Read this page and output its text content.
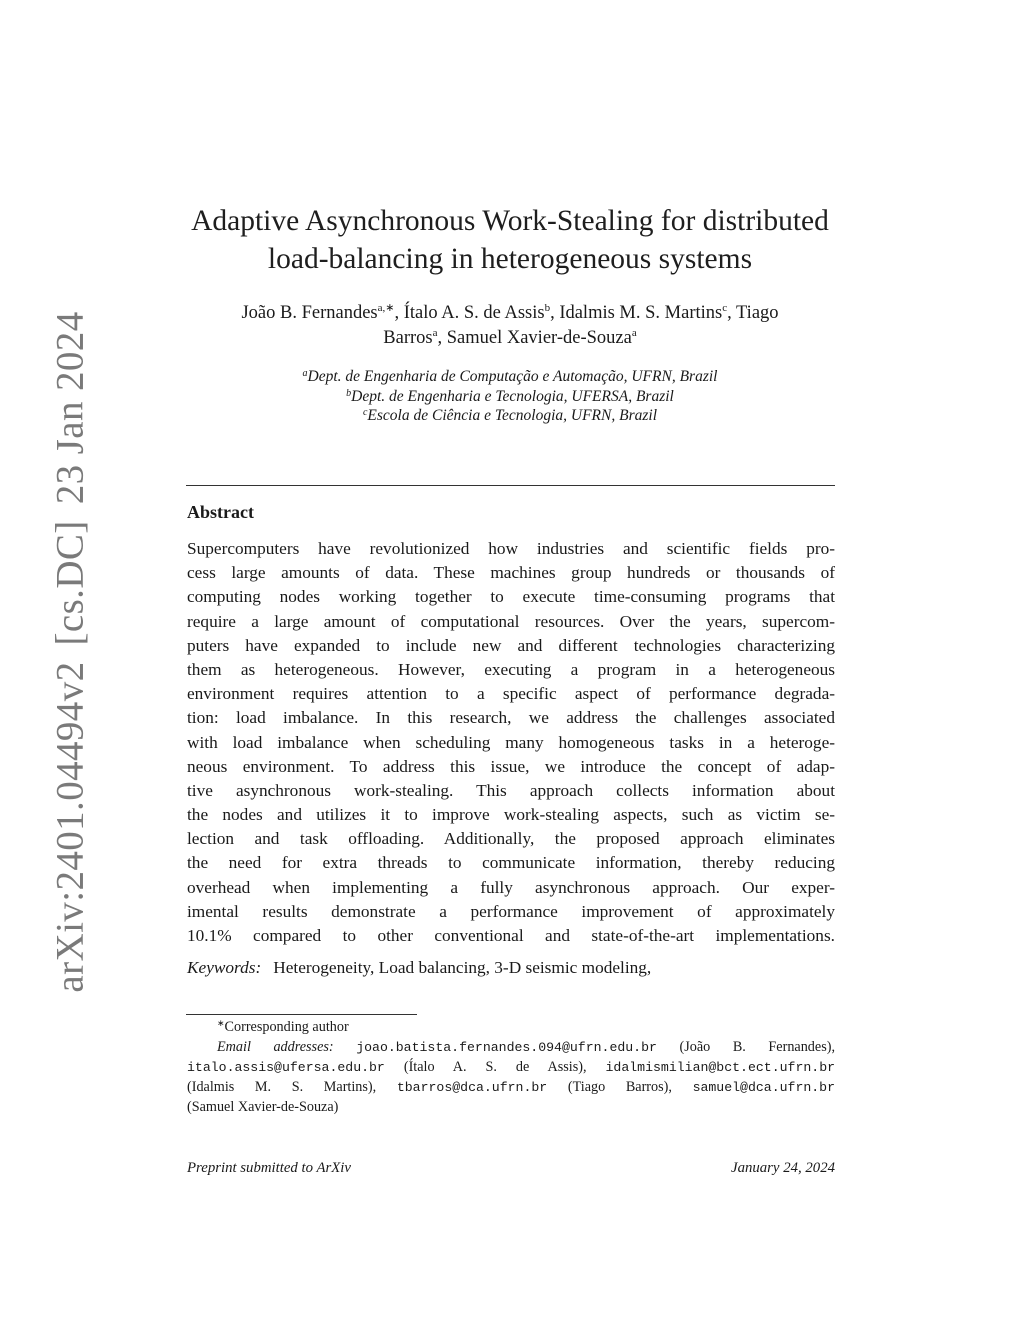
arXiv:2401.04494v2[cs.DC]23 Jan 2024
Adaptive Asynchronous Work-Stealing for distributed
load-balancing in heterogeneous systems
João B. Fernandes$^{a,∗}$, Ítalo A. S. de Assis$^b$, Idalmis M. S. Martins$^c$, Tiago
Barros$^a$, Samuel Xavier-de-Souza$^a$
$^a$Dept. de Engenharia de Computação e Automação, UFRN, Brazil
$^b$Dept. de Engenharia e Tecnologia, UFERSA, Brazil
$^c$Escola de Ciência e Tecnologia, UFRN, Brazil
Abstract
Supercomputers have revolutionized how industries and scientific fields pro-
cess large amounts of data. These machines group hundreds or thousands of
computing nodes working together to execute time-consuming programs that
require a large amount of computational resources. Over the years, supercom-
puters have expanded to include new and different technologies characterizing
them as heterogeneous. However, executing a program in a heterogeneous
environment requires attention to a specific aspect of performance degrada-
tion: load imbalance. In this research, we address the challenges associated
with load imbalance when scheduling many homogeneous tasks in a heteroge-
neous environment. To address this issue, we introduce the concept of adap-
tive asynchronous work-stealing. This approach collects information about
the nodes and utilizes it to improve work-stealing aspects, such as victim se-
lection and task offloading. Additionally, the proposed approach eliminates
the need for extra threads to communicate information, thereby reducing
overhead when implementing a fully asynchronous approach. Our exper-
imental results demonstrate a performance improvement of approximately
10.1% compared to other conventional and state-of-the-art implementations.
Keywords: Heterogeneity, Load balancing, 3-D seismic modeling,
∗Corresponding author
Email addresses: joao.batista.fernandes.094@ufrn.edu.br (João B. Fernandes),
italo.assis@ufersa.edu.br (Ítalo A. S. de Assis), idalmismilian@bct.ect.ufrn.br
(Idalmis M. S. Martins), tbarros@dca.ufrn.br (Tiago Barros), samuel@dca.ufrn.br
(Samuel Xavier-de-Souza)
Preprint submitted to ArXiv	January 24, 2024
